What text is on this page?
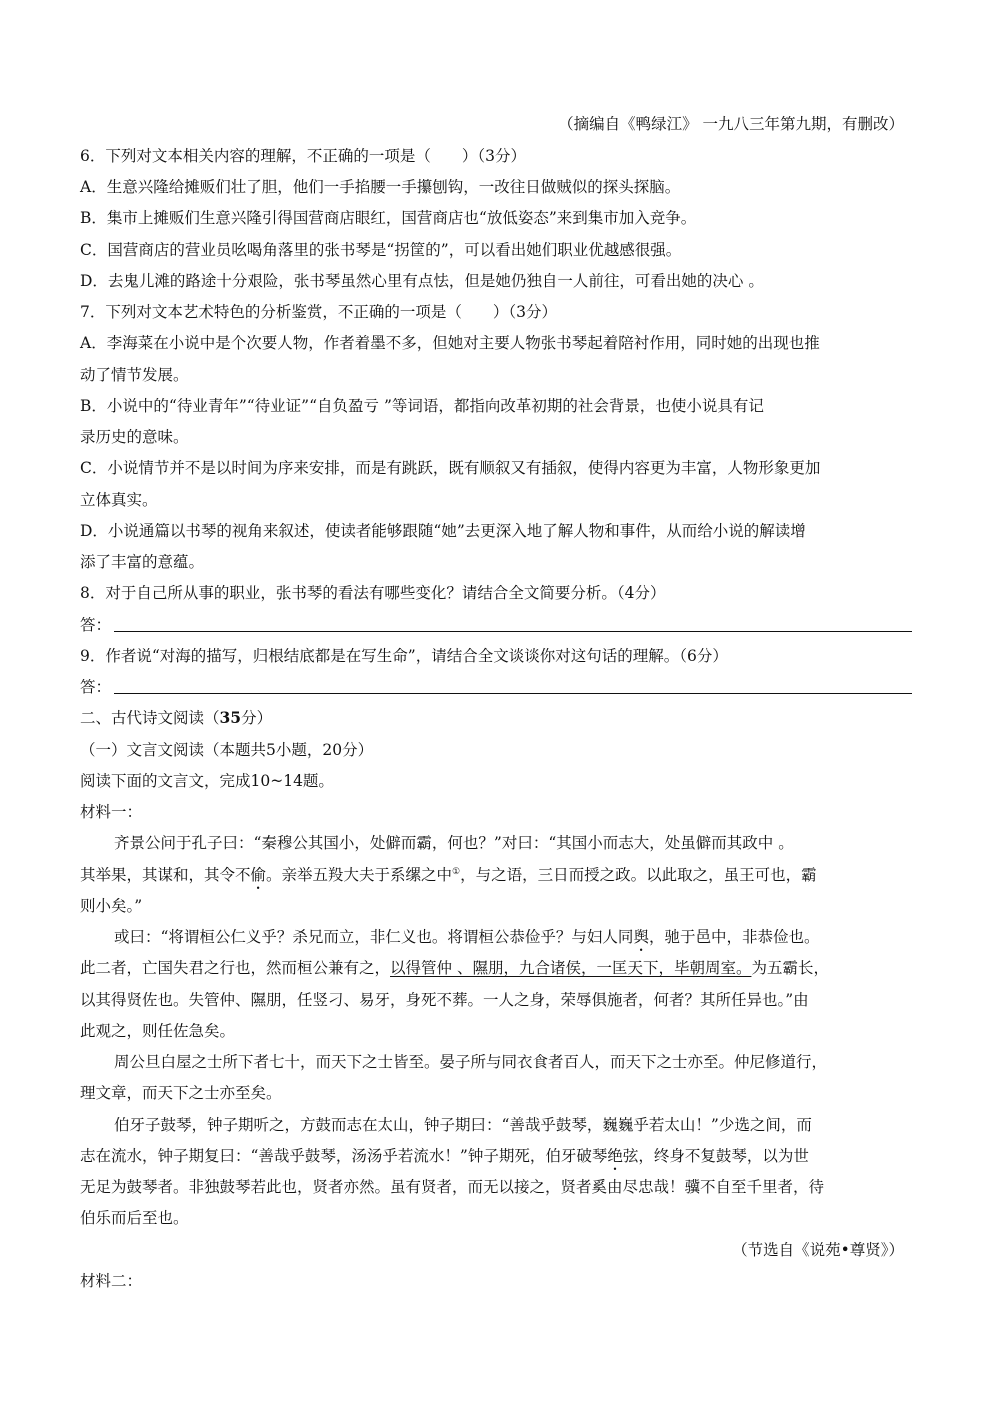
（摘编自《鸭绿江》 一九八三年第九期，有删改）
6．下列对文本相关内容的理解，不正确的一项是（　　）（3分）
A．生意兴隆给摊贩们壮了胆，他们一手掐腰一手攥刨钩，一改往日做贼似的探头探脑。
B．集市上摊贩们生意兴隆引得国营商店眼红，国营商店也“放低姿态”来到集市加入竞争。
C．国营商店的营业员吆喝角落里的张书琴是“拐筐的”，可以看出她们职业优越感很强。
D．去鬼儿滩的路途十分艰险，张书琴虽然心里有点怯，但是她仍独自一人前往，可看出她的决心 。
7．下列对文本艺术特色的分析鉴赏，不正确的一项是（　　）（3分）
A．李海菜在小说中是个次要人物，作者着墨不多，但她对主要人物张书琴起着陪衬作用，同时她的出现也推
动了情节发展。
B．小说中的“待业青年”“待业证”“自负盈亏 ”等词语，都指向改革初期的社会背景，也使小说具有记
录历史的意味。
C．小说情节并不是以时间为序来安排，而是有跳跃，既有顺叙又有插叙，使得内容更为丰富，人物形象更加
立体真实。
D．小说通篇以书琴的视角来叙述，使读者能够跟随“她”去更深入地了解人物和事件，从而给小说的解读增
添了丰富的意蕴。
8．对于自己所从事的职业，张书琴的看法有哪些变化？请结合全文简要分析。（4分）
答：
9．作者说“对海的描写，归根结底都是在写生命”，请结合全文谈谈你对这句话的理解。（6分）
答：
二、古代诗文阅读（35分）
（一）文言文阅读（本题共5小题，20分）
阅读下面的文言文，完成10~14题。
材料一：
齐景公问于孔子曰：“秦穆公其国小，处僻而霸，何也？”对曰：“其国小而志大，处虽僻而其政中 。
其举果，其谋和，其令不偷。亲举五羖大夫于系缧之中①，与之语，三日而授之政。以此取之，虽王可也，霸
则小矣。”
或曰：“将谓桓公仁义乎？杀兄而立，非仁义也。将谓桓公恭俭乎？与妇人同舆，驰于邑中，非恭俭也。
此二者，亡国失君之行也，然而桓公兼有之，以得管仲 、隰朋，九合诸侯，一匡天下，毕朝周室。为五霸长，
以其得贤佐也。失管仲、隰朋，任竖刁、易牙，身死不葬。一人之身，荣辱俱施者，何者？其所任异也。”由
此观之，则任佐急矣。
周公旦白屋之士所下者七十，而天下之士皆至。晏子所与同衣食者百人，而天下之士亦至。仲尼修道行，
理文章，而天下之士亦至矣。
伯牙子鼓琴，钟子期听之，方鼓而志在太山，钟子期曰：“善哉乎鼓琴，巍巍乎若太山！”少选之间，而
志在流水，钟子期复曰：“善哉乎鼓琴，汤汤乎若流水！”钟子期死，伯牙破琴绝弦，终身不复鼓琴，以为世
无足为鼓琴者。非独鼓琴若此也，贤者亦然。虽有贤者，而无以接之，贤者奚由尽忠哉！骥不自至千里者，待
伯乐而后至也。
（节选自《说苑•尊贤》）
材料二：
